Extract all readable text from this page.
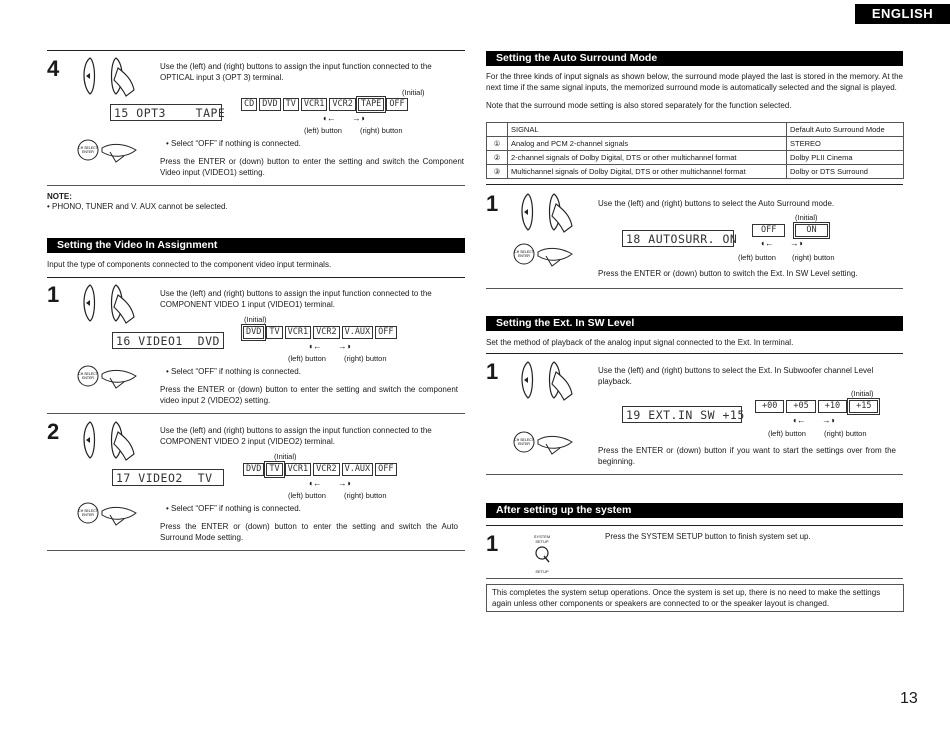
ENGLISH
13
4	Use the (left) and (right) buttons to assign the input function connected to the OPTICAL input 3 (OPT 3) terminal.
(Initial)
15 OPT3    TAPE
CD DVD TV VCR1 VCR2 TAPE OFF
◖←       →◗
(left) button (right) button
CH SELECT
ENTER
• Select “OFF” if nothing is connected.
Press the ENTER or (down) button to enter the setting and switch the Component Video input (VIDEO1) setting.
NOTE:
• PHONO, TUNER and V. AUX cannot be selected.
Setting the Video In Assignment
Input the type of components connected to the component video input terminals.
1	Use the (left) and (right) buttons to assign the input function connected to the COMPONENT VIDEO 1 input (VIDEO1) terminal.
(Initial)
16 VIDEO1  DVD
DVD TV VCR1 VCR2 V.AUX OFF
◖←       →◗
(left) button (right) button
CH SELECT
ENTER
• Select “OFF” if nothing is connected.
Press the ENTER or (down) button to enter the setting and switch the component video input 2 (VIDEO2) setting.
2	Use the (left) and (right) buttons to assign the input function connected to the COMPONENT VIDEO 2 input (VIDEO2) terminal.
(Initial)
17 VIDEO2  TV
DVD TV VCR1 VCR2 V.AUX OFF
◖←       →◗
(left) button (right) button
CH SELECT
ENTER
• Select “OFF” if nothing is connected.
Press the ENTER or (down) button to enter the setting and switch the Auto Surround Mode setting.
Setting the Auto Surround Mode
For the three kinds of input signals as shown below, the surround mode played the last is stored in the memory. At the next time if the same signal inputs, the memorized surround mode is automatically selected and the signal is played.
Note that the surround mode setting is also stored separately for the function selected.
	SIGNAL	Default Auto Surround Mode
①	Analog and PCM 2-channel signals	STEREO
②	2-channel signals of Dolby Digital, DTS or other multichannel format	Dolby PLII Cinema
③	Multichannel signals of Dolby Digital, DTS or other multichannel format	Dolby or DTS Surround
1	Use the (left) and (right) buttons to select the Auto Surround mode.
(Initial)
18 AUTOSURR. ON
OFF	ON
◖←       →◗
(left) button (right) button
CH SELECT
ENTER
Press the ENTER or (down) button to switch the Ext. In SW Level setting.
Setting the Ext. In SW Level
Set the method of playback of the analog input signal connected to the Ext. In terminal.
1	Use the (left) and (right) buttons to select the Ext. In Subwoofer channel Level playback.
(Initial)
19 EXT.IN SW +15
+00	+05	+10	+15
◖←       →◗
(left) button (right) button
CH SELECT
ENTER
Press the ENTER or (down) button if you want to start the settings over from the beginning.
After setting up the system
1	SYSTEM SETUP
SETUP
Press the SYSTEM SETUP button to finish system set up.
This completes the system setup operations. Once the system is set up, there is no need to make the settings again unless other components or speakers are connected to or the speaker layout is changed.
